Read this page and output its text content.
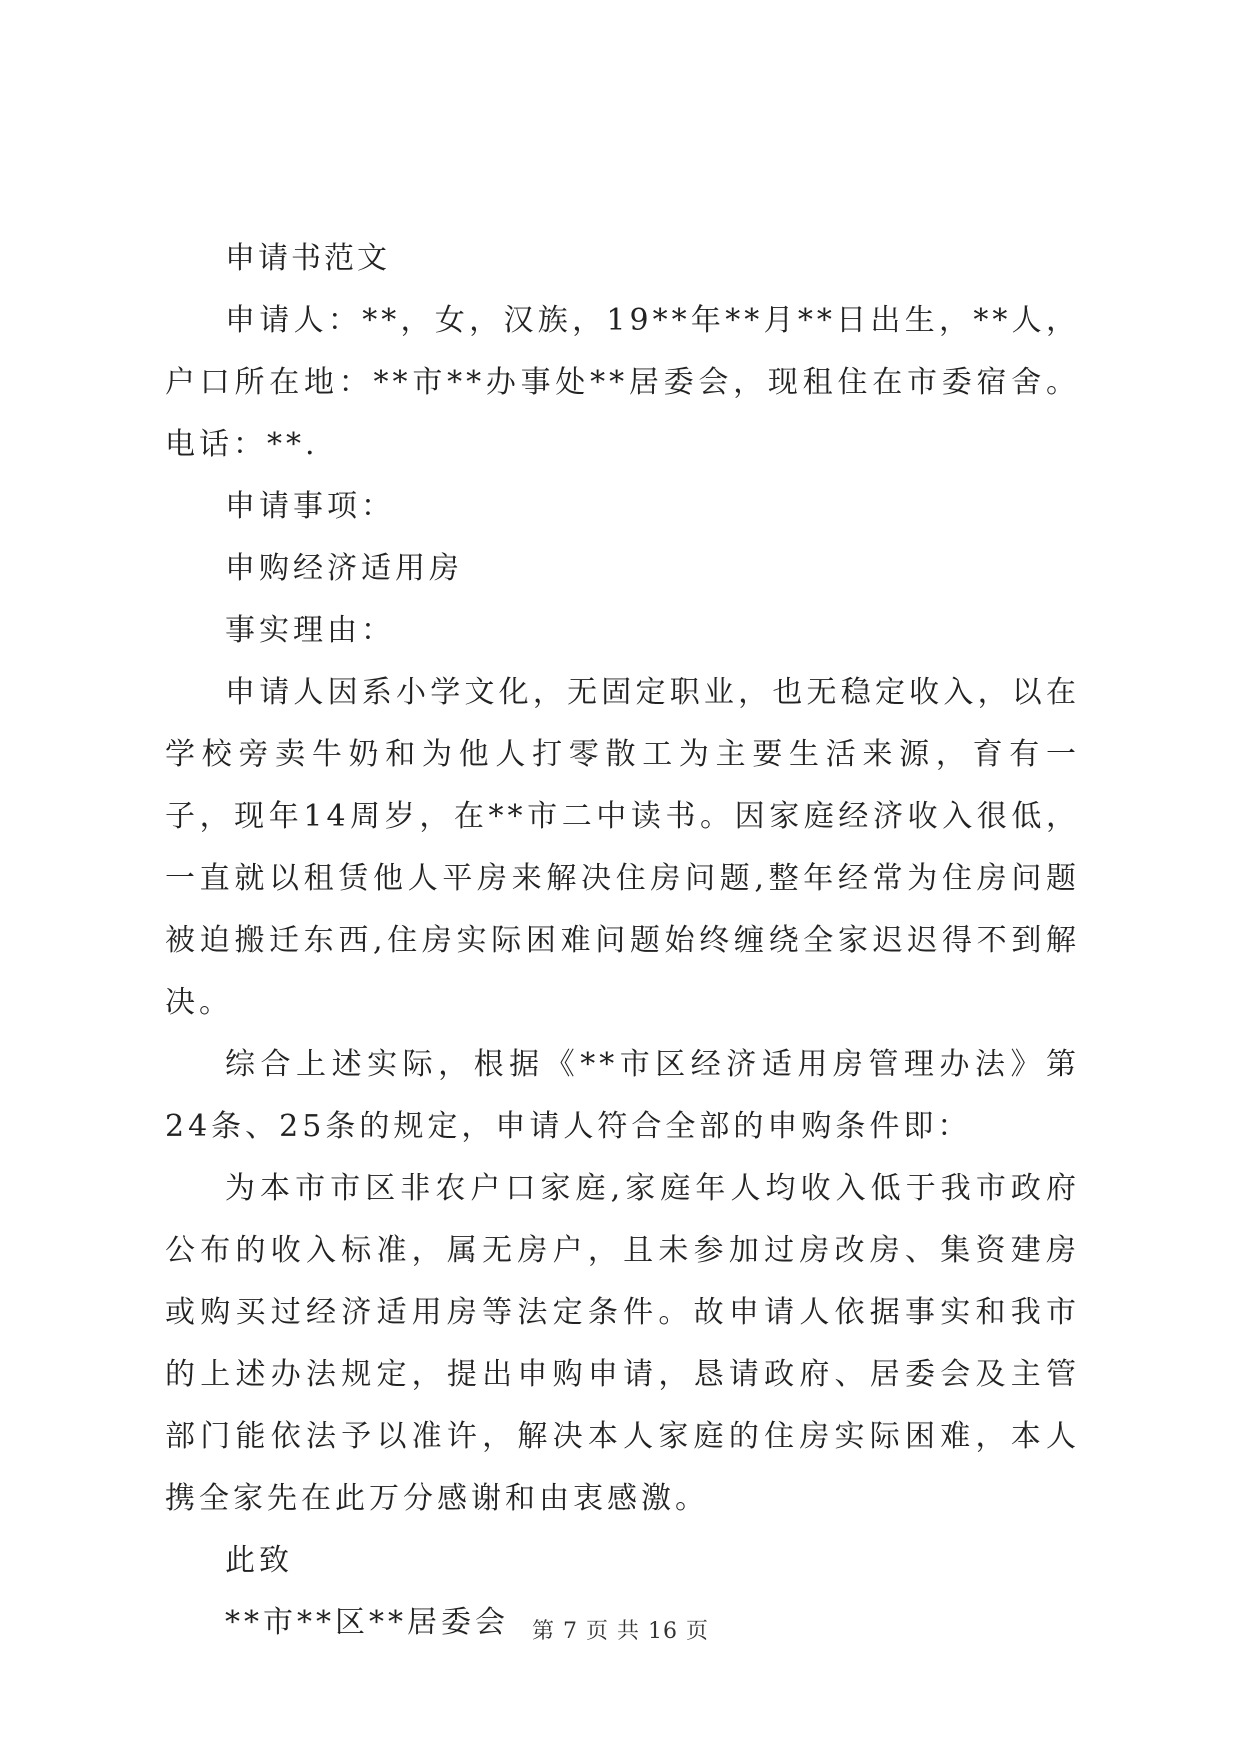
申请书范文

申请人：**，女，汉族，19**年**月**日出生，**人，户口所在地：**市**办事处**居委会，现租住在市委宿舍。电话：**.

申请事项：

申购经济适用房

事实理由：

申请人因系小学文化，无固定职业，也无稳定收入，以在学校旁卖牛奶和为他人打零散工为主要生活来源，育有一子，现年14周岁，在**市二中读书。因家庭经济收入很低，一直就以租赁他人平房来解决住房问题,整年经常为住房问题被迫搬迁东西,住房实际困难问题始终缠绕全家迟迟得不到解决。

综合上述实际，根据《**市区经济适用房管理办法》第24条、25条的规定，申请人符合全部的申购条件即：

为本市市区非农户口家庭,家庭年人均收入低于我市政府公布的收入标准，属无房户，且未参加过房改房、集资建房或购买过经济适用房等法定条件。故申请人依据事实和我市的上述办法规定，提出申购申请，恳请政府、居委会及主管部门能依法予以准许，解决本人家庭的住房实际困难，本人携全家先在此万分感谢和由衷感激。

此致

**市**区**居委会	第 7 页 共 16 页
